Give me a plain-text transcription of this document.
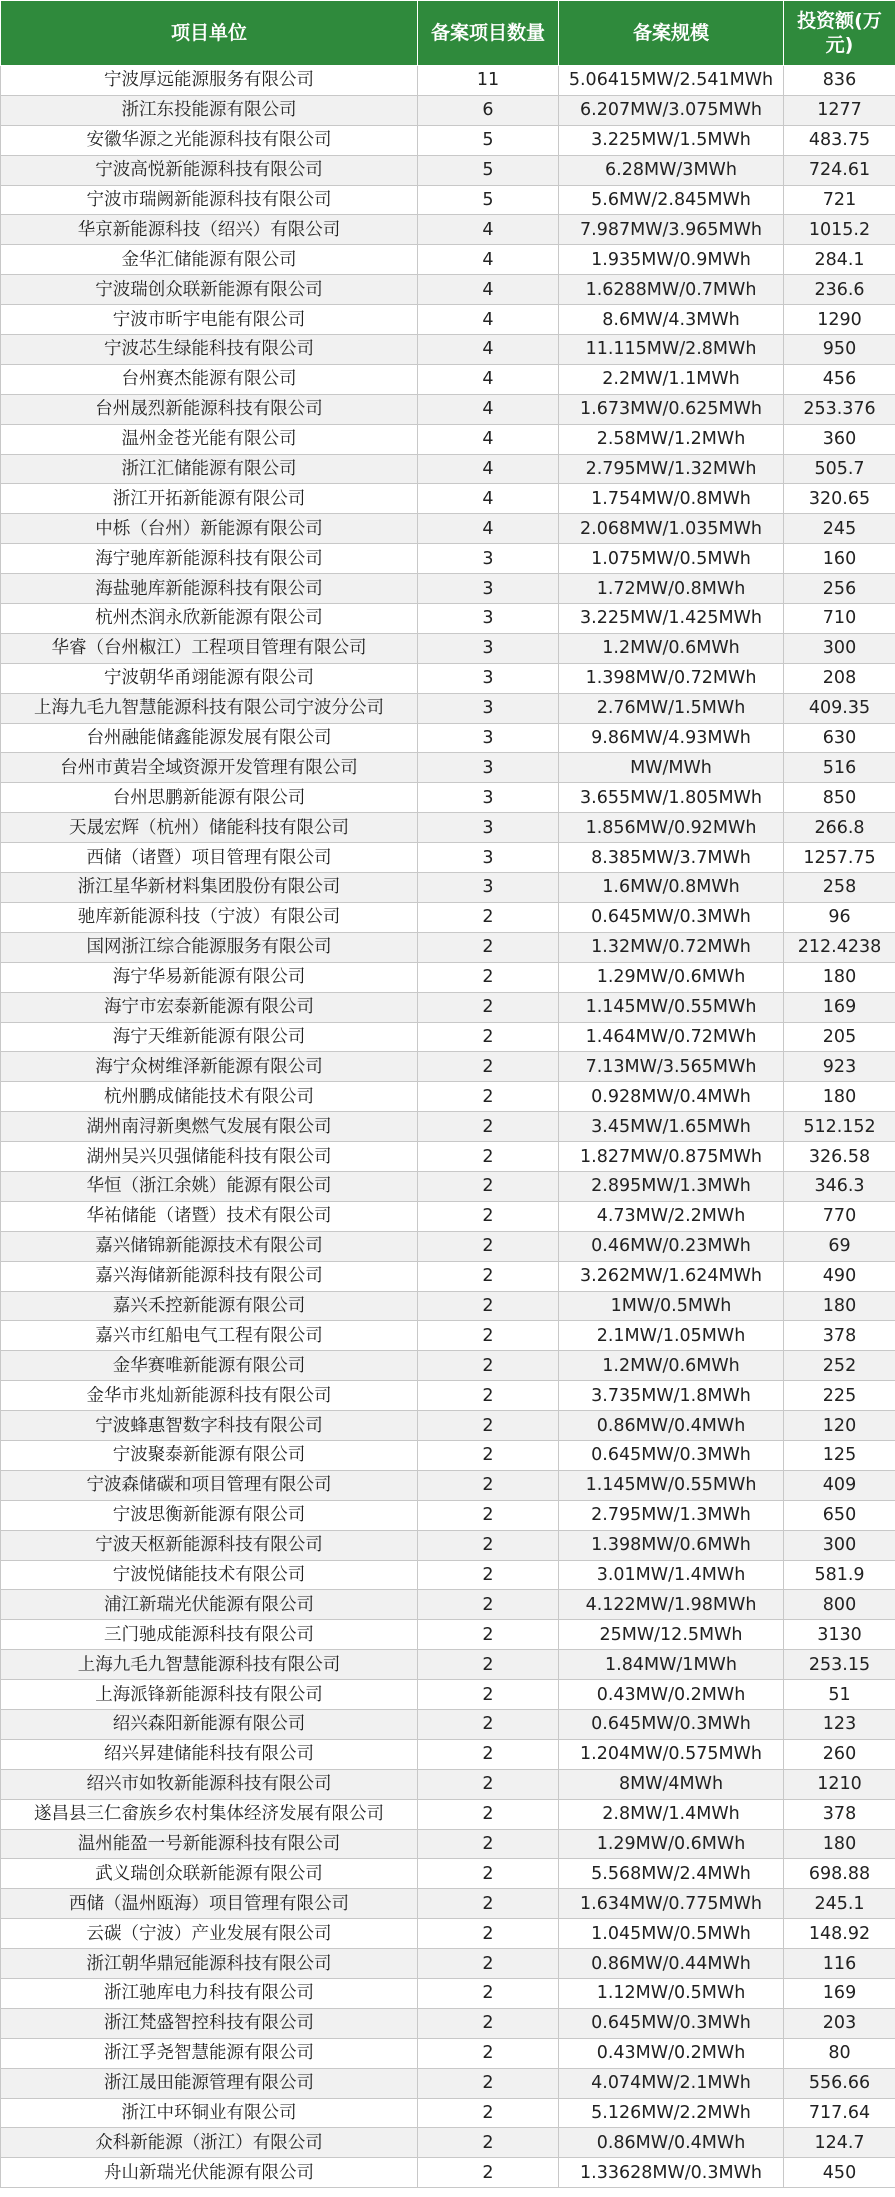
项目单位	备案项目数量	备案规模	投资额(万元)
宁波厚远能源服务有限公司	11	5.06415MW/2.541MWh	836
浙江东投能源有限公司	6	6.207MW/3.075MWh	1277
安徽华源之光能源科技有限公司	5	3.225MW/1.5MWh	483.75
宁波高悦新能源科技有限公司	5	6.28MW/3MWh	724.61
宁波市瑞阙新能源科技有限公司	5	5.6MW/2.845MWh	721
华京新能源科技（绍兴）有限公司	4	7.987MW/3.965MWh	1015.2
金华汇储能源有限公司	4	1.935MW/0.9MWh	284.1
宁波瑞创众联新能源有限公司	4	1.6288MW/0.7MWh	236.6
宁波市昕宇电能有限公司	4	8.6MW/4.3MWh	1290
宁波芯生绿能科技有限公司	4	11.115MW/2.8MWh	950
台州赛杰能源有限公司	4	2.2MW/1.1MWh	456
台州晟烈新能源科技有限公司	4	1.673MW/0.625MWh	253.376
温州金苍光能有限公司	4	2.58MW/1.2MWh	360
浙江汇储能源有限公司	4	2.795MW/1.32MWh	505.7
浙江开拓新能源有限公司	4	1.754MW/0.8MWh	320.65
中栎（台州）新能源有限公司	4	2.068MW/1.035MWh	245
海宁驰库新能源科技有限公司	3	1.075MW/0.5MWh	160
海盐驰库新能源科技有限公司	3	1.72MW/0.8MWh	256
杭州杰润永欣新能源有限公司	3	3.225MW/1.425MWh	710
华睿（台州椒江）工程项目管理有限公司	3	1.2MW/0.6MWh	300
宁波朝华甬翊能源有限公司	3	1.398MW/0.72MWh	208
上海九毛九智慧能源科技有限公司宁波分公司	3	2.76MW/1.5MWh	409.35
台州融能储鑫能源发展有限公司	3	9.86MW/4.93MWh	630
台州市黄岩全域资源开发管理有限公司	3	MW/MWh	516
台州思鹏新能源有限公司	3	3.655MW/1.805MWh	850
天晟宏辉（杭州）储能科技有限公司	3	1.856MW/0.92MWh	266.8
西储（诸暨）项目管理有限公司	3	8.385MW/3.7MWh	1257.75
浙江星华新材料集团股份有限公司	3	1.6MW/0.8MWh	258
驰库新能源科技（宁波）有限公司	2	0.645MW/0.3MWh	96
国网浙江综合能源服务有限公司	2	1.32MW/0.72MWh	212.4238
海宁华易新能源有限公司	2	1.29MW/0.6MWh	180
海宁市宏泰新能源有限公司	2	1.145MW/0.55MWh	169
海宁天维新能源有限公司	2	1.464MW/0.72MWh	205
海宁众树维泽新能源有限公司	2	7.13MW/3.565MWh	923
杭州鹏成储能技术有限公司	2	0.928MW/0.4MWh	180
湖州南浔新奥燃气发展有限公司	2	3.45MW/1.65MWh	512.152
湖州吴兴贝强储能科技有限公司	2	1.827MW/0.875MWh	326.58
华恒（浙江余姚）能源有限公司	2	2.895MW/1.3MWh	346.3
华祐储能（诸暨）技术有限公司	2	4.73MW/2.2MWh	770
嘉兴储锦新能源技术有限公司	2	0.46MW/0.23MWh	69
嘉兴海储新能源科技有限公司	2	3.262MW/1.624MWh	490
嘉兴禾控新能源有限公司	2	1MW/0.5MWh	180
嘉兴市红船电气工程有限公司	2	2.1MW/1.05MWh	378
金华赛唯新能源有限公司	2	1.2MW/0.6MWh	252
金华市兆灿新能源科技有限公司	2	3.735MW/1.8MWh	225
宁波蜂惠智数字科技有限公司	2	0.86MW/0.4MWh	120
宁波聚泰新能源有限公司	2	0.645MW/0.3MWh	125
宁波森储碳和项目管理有限公司	2	1.145MW/0.55MWh	409
宁波思衡新能源有限公司	2	2.795MW/1.3MWh	650
宁波天枢新能源科技有限公司	2	1.398MW/0.6MWh	300
宁波悦储能技术有限公司	2	3.01MW/1.4MWh	581.9
浦江新瑞光伏能源有限公司	2	4.122MW/1.98MWh	800
三门驰成能源科技有限公司	2	25MW/12.5MWh	3130
上海九毛九智慧能源科技有限公司	2	1.84MW/1MWh	253.15
上海派锋新能源科技有限公司	2	0.43MW/0.2MWh	51
绍兴森阳新能源有限公司	2	0.645MW/0.3MWh	123
绍兴昇建储能科技有限公司	2	1.204MW/0.575MWh	260
绍兴市如牧新能源科技有限公司	2	8MW/4MWh	1210
遂昌县三仁畲族乡农村集体经济发展有限公司	2	2.8MW/1.4MWh	378
温州能盈一号新能源科技有限公司	2	1.29MW/0.6MWh	180
武义瑞创众联新能源有限公司	2	5.568MW/2.4MWh	698.88
西储（温州瓯海）项目管理有限公司	2	1.634MW/0.775MWh	245.1
云碳（宁波）产业发展有限公司	2	1.045MW/0.5MWh	148.92
浙江朝华鼎冠能源科技有限公司	2	0.86MW/0.44MWh	116
浙江驰库电力科技有限公司	2	1.12MW/0.5MWh	169
浙江梵盛智控科技有限公司	2	0.645MW/0.3MWh	203
浙江孚尧智慧能源有限公司	2	0.43MW/0.2MWh	80
浙江晟田能源管理有限公司	2	4.074MW/2.1MWh	556.66
浙江中环铜业有限公司	2	5.126MW/2.2MWh	717.64
众科新能源（浙江）有限公司	2	0.86MW/0.4MWh	124.7
舟山新瑞光伏能源有限公司	2	1.33628MW/0.3MWh	450
